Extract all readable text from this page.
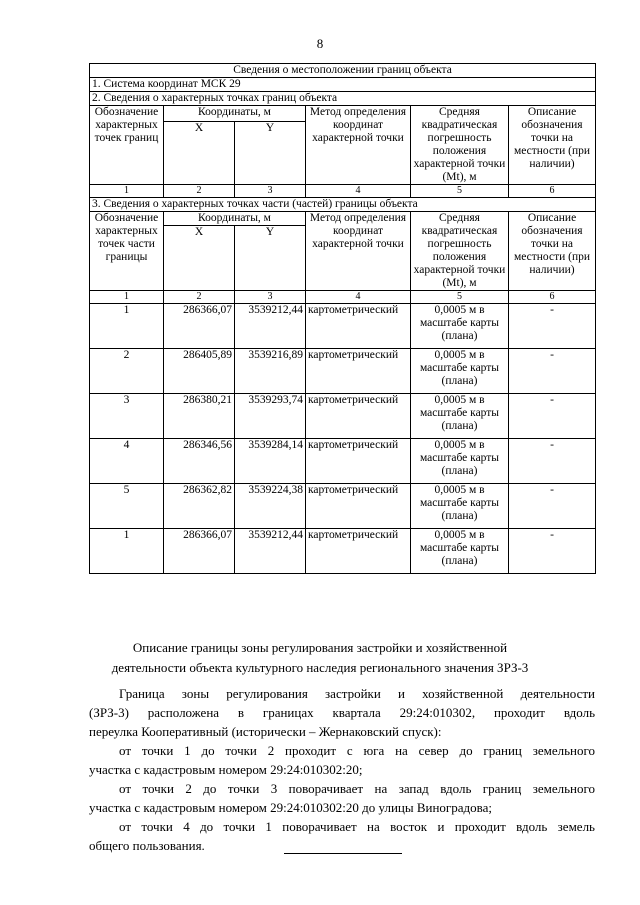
8
Сведения о местоположении границ объекта					
1. Система координат МСК 29					
2. Сведения о характерных точках границ объекта					
Обозначение характерных точек границ	Координаты, м		Метод определения координат характерной точки	Средняя квадратическая погрешность положения характерной точки (Mt), м	Описание обозначения точки на местности (при наличии)
	X	Y			
1	2	3	4	5	6
3. Сведения о характерных точках части (частей) границы объекта					
Обозначение характерных точек части границы	Координаты, м		Метод определения координат характерной точки	Средняя квадратическая погрешность положения характерной точки (Mt), м	Описание обозначения точки на местности (при наличии)
	X	Y			
1	2	3	4	5	6
1	286366,07	3539212,44	картометрический	0,0005 м в масштабе карты (плана)	-
2	286405,89	3539216,89	картометрический	0,0005 м в масштабе карты (плана)	-
3	286380,21	3539293,74	картометрический	0,0005 м в масштабе карты (плана)	-
4	286346,56	3539284,14	картометрический	0,0005 м в масштабе карты (плана)	-
5	286362,82	3539224,38	картометрический	0,0005 м в масштабе карты (плана)	-
1	286366,07	3539212,44	картометрический	0,0005 м в масштабе карты (плана)	-
Описание границы зоны регулирования застройки и хозяйственной
деятельности объекта культурного наследия регионального значения ЗРЗ-3
Граница зоны регулирования застройки и хозяйственной деятельности
(ЗРЗ-3) расположена в границах квартала 29:24:010302, проходит вдоль
переулка Кооперативный (исторически – Жернаковский спуск):
от точки 1 до точки 2 проходит с юга на север до границ земельного
участка с кадастровым номером 29:24:010302:20;
от точки 2 до точки 3 поворачивает на запад вдоль границ земельного
участка с кадастровым номером 29:24:010302:20 до улицы Виноградова;
от точки 4 до точки 1 поворачивает на восток и проходит вдоль земель
общего пользования.
